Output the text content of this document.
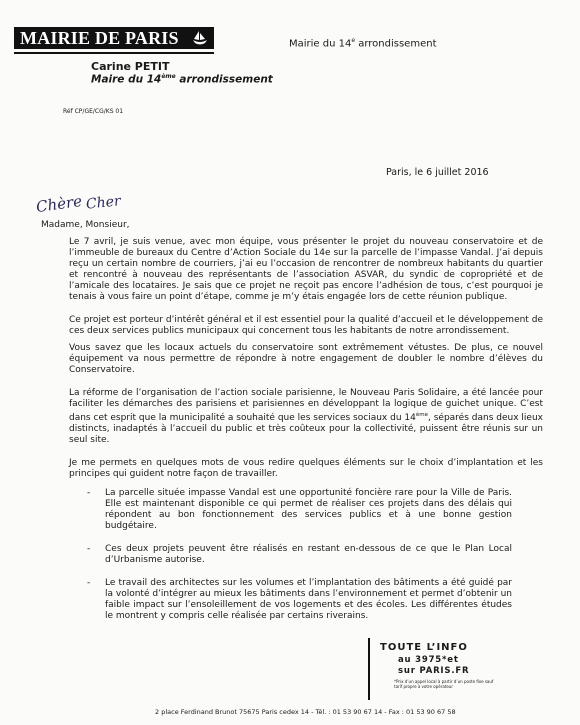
MAIRIE DE PARIS	Mairie du 14e arrondissement
Carine PETIT
Maire du 14ème arrondissement
Réf CP/GE/CG/KS 01
Paris, le 6 juillet 2016
Chère Cher
Madame, Monsieur,

Le 7 avril, je suis venue, avec mon équipe, vous présenter le projet du nouveau conservatoire et de l’immeuble de bureaux du Centre d’Action Sociale du 14e sur la parcelle de l’impasse Vandal. J’ai depuis reçu un certain nombre de courriers, j’ai eu l’occasion de rencontrer de nombreux habitants du quartier et rencontré à nouveau des représentants de l’association ASVAR, du syndic de copropriété et de l’amicale des locataires. Je sais que ce projet ne reçoit pas encore l’adhésion de tous, c’est pourquoi je tenais à vous faire un point d’étape, comme je m’y étais engagée lors de cette réunion publique.

Ce projet est porteur d’intérêt général et il est essentiel pour la qualité d’accueil et le développement de ces deux services publics municipaux qui concernent tous les habitants de notre arrondissement.

Vous savez que les locaux actuels du conservatoire sont extrêmement vétustes. De plus, ce nouvel équipement va nous permettre de répondre à notre engagement de doubler le nombre d’élèves du Conservatoire.

La réforme de l’organisation de l’action sociale parisienne, le Nouveau Paris Solidaire, a été lancée pour faciliter les démarches des parisiens et parisiennes en développant la logique de guichet unique. C’est dans cet esprit que la municipalité a souhaité que les services sociaux du 14ème, séparés dans deux lieux distincts, inadaptés à l’accueil du public et très coûteux pour la collectivité, puissent être réunis sur un seul site.

Je me permets en quelques mots de vous redire quelques éléments sur le choix d’implantation et les principes qui guident notre façon de travailler.

- La parcelle située impasse Vandal est une opportunité foncière rare pour la Ville de Paris. Elle est maintenant disponible ce qui permet de réaliser ces projets dans des délais qui répondent au bon fonctionnement des services publics et à une bonne gestion budgétaire.
- Ces deux projets peuvent être réalisés en restant en-dessous de ce que le Plan Local d’Urbanisme autorise.
- Le travail des architectes sur les volumes et l’implantation des bâtiments a été guidé par la volonté d’intégrer au mieux les bâtiments dans l’environnement et permet d’obtenir un faible impact sur l’ensoleillement de vos logements et des écoles. Les différentes études le montrent y compris celle réalisée par certains riverains.
TOUTE L’INFO
au 3975*et
sur PARIS.FR
*Prix d’un appel local à partir d’un poste fixe sauf tarif propre à votre opérateur
2 place Ferdinand Brunot 75675 Paris cedex 14 - Tél. : 01 53 90 67 14 - Fax : 01 53 90 67 58
